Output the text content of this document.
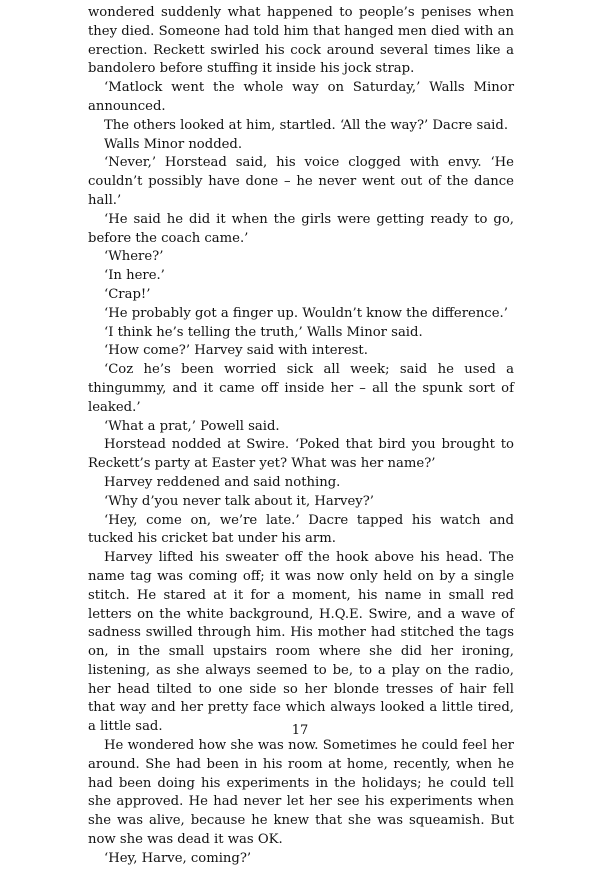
wondered suddenly what happened to people’s penises when they died. Someone had told him that hanged men died with an erection. Reckett swirled his cock around several times like a bandolero before stuffing it inside his jock strap.

‘Matlock went the whole way on Saturday,’ Walls Minor announced.

The others looked at him, startled. ‘All the way?’ Dacre said.

Walls Minor nodded.

‘Never,’ Horstead said, his voice clogged with envy. ‘He couldn’t possibly have done – he never went out of the dance hall.’

‘He said he did it when the girls were getting ready to go, before the coach came.’

‘Where?’

‘In here.’

‘Crap!’

‘He probably got a finger up. Wouldn’t know the difference.’

‘I think he’s telling the truth,’ Walls Minor said.

‘How come?’ Harvey said with interest.

‘Coz he’s been worried sick all week; said he used a thingummy, and it came off inside her – all the spunk sort of leaked.’

‘What a prat,’ Powell said.

Horstead nodded at Swire. ‘Poked that bird you brought to Reckett’s party at Easter yet? What was her name?’

Harvey reddened and said nothing.

‘Why d’you never talk about it, Harvey?’

‘Hey, come on, we’re late.’ Dacre tapped his watch and tucked his cricket bat under his arm.

Harvey lifted his sweater off the hook above his head. The name tag was coming off; it was now only held on by a single stitch. He stared at it for a moment, his name in small red letters on the white background, H.Q.E. Swire, and a wave of sadness swilled through him. His mother had stitched the tags on, in the small upstairs room where she did her ironing, listening, as she always seemed to be, to a play on the radio, her head tilted to one side so her blonde tresses of hair fell that way and her pretty face which always looked a little tired, a little sad.

He wondered how she was now. Sometimes he could feel her around. She had been in his room at home, recently, when he had been doing his experiments in the holidays; he could tell she approved. He had never let her see his experiments when she was alive, because he knew that she was squeamish. But now she was dead it was OK.

‘Hey, Harve, coming?’

17
